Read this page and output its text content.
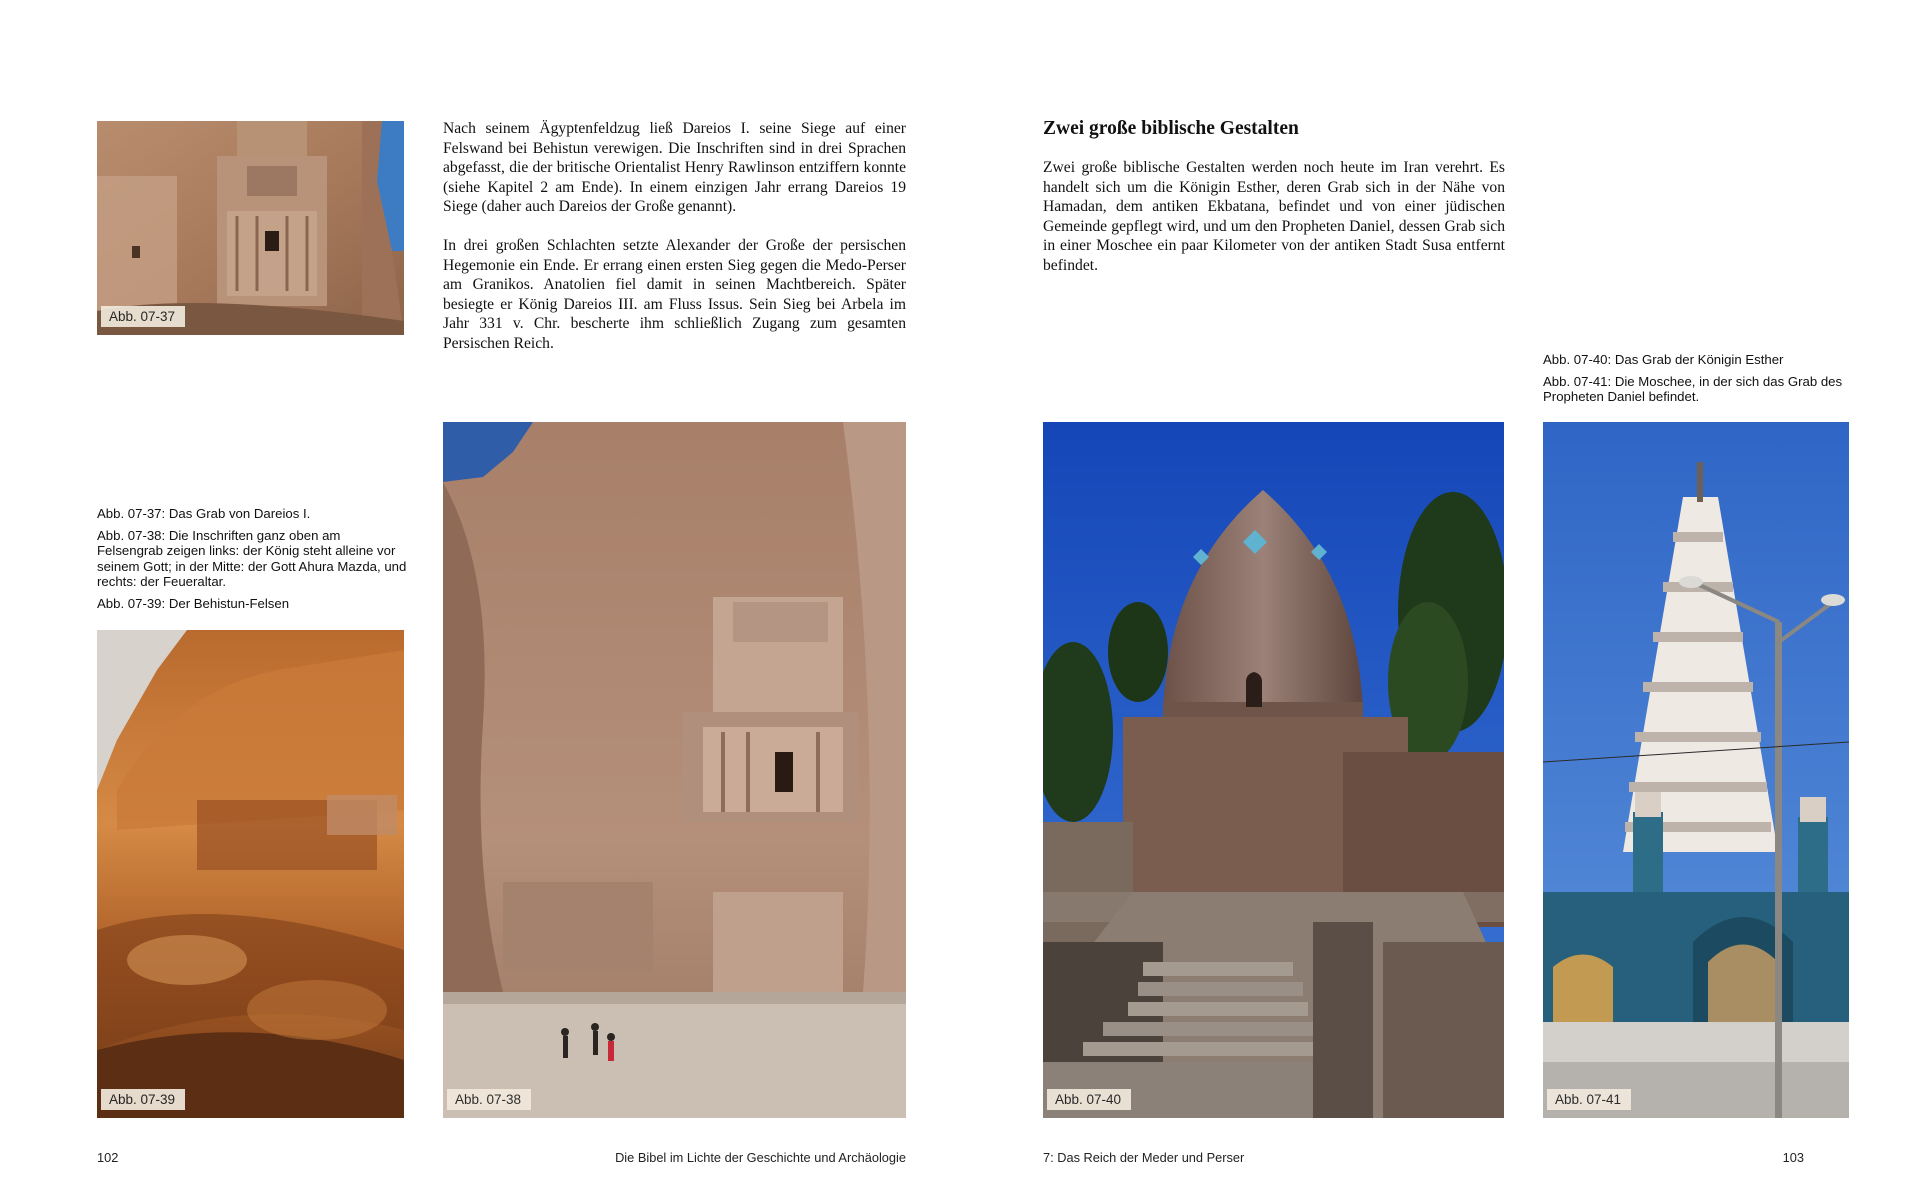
Abb. 07-37

Nach seinem Ägyptenfeldzug ließ Dareios I. seine Siege auf einer Felswand bei Behistun verewigen. Die Inschriften sind in drei Sprachen abgefasst, die der britische Orientalist Henry Rawlinson entziffern konnte (siehe Kapitel 2 am Ende). In einem einzigen Jahr errang Dareios 19 Siege (daher auch Dareios der Große genannt).

In drei großen Schlachten setzte Alexander der Große der persischen Hegemonie ein Ende. Er errang einen ersten Sieg gegen die Medo-Perser am Granikos. Anatolien fiel damit in seinen Machtbereich. Später besiegte er König Dareios III. am Fluss Issus. Sein Sieg bei Arbela im Jahr 331 v. Chr. bescherte ihm schließlich Zugang zum gesamten Persischen Reich.

Abb. 07-37: Das Grab von Dareios I.
Abb. 07-38: Die Inschriften ganz oben am Felsengrab zeigen links: der König steht alleine vor seinem Gott; in der Mitte: der Gott Ahura Mazda, und rechts: der Feueraltar.
Abb. 07-39: Der Behistun-Felsen
Abb. 07-39	Abb. 07-38
102	Die Bibel im Lichte der Geschichte und Archäologie
Zwei große biblische Gestalten

Zwei große biblische Gestalten werden noch heute im Iran verehrt. Es handelt sich um die Königin Esther, deren Grab sich in der Nähe von Hamadan, dem antiken Ekbatana, befindet und von einer jüdischen Gemeinde gepflegt wird, und um den Propheten Daniel, dessen Grab sich in einer Moschee ein paar Kilometer von der antiken Stadt Susa entfernt befindet.

Abb. 07-40: Das Grab der Königin Esther
Abb. 07-41: Die Moschee, in der sich das Grab des Propheten Daniel befindet.
Abb. 07-40	Abb. 07-41
7: Das Reich der Meder und Perser	103
